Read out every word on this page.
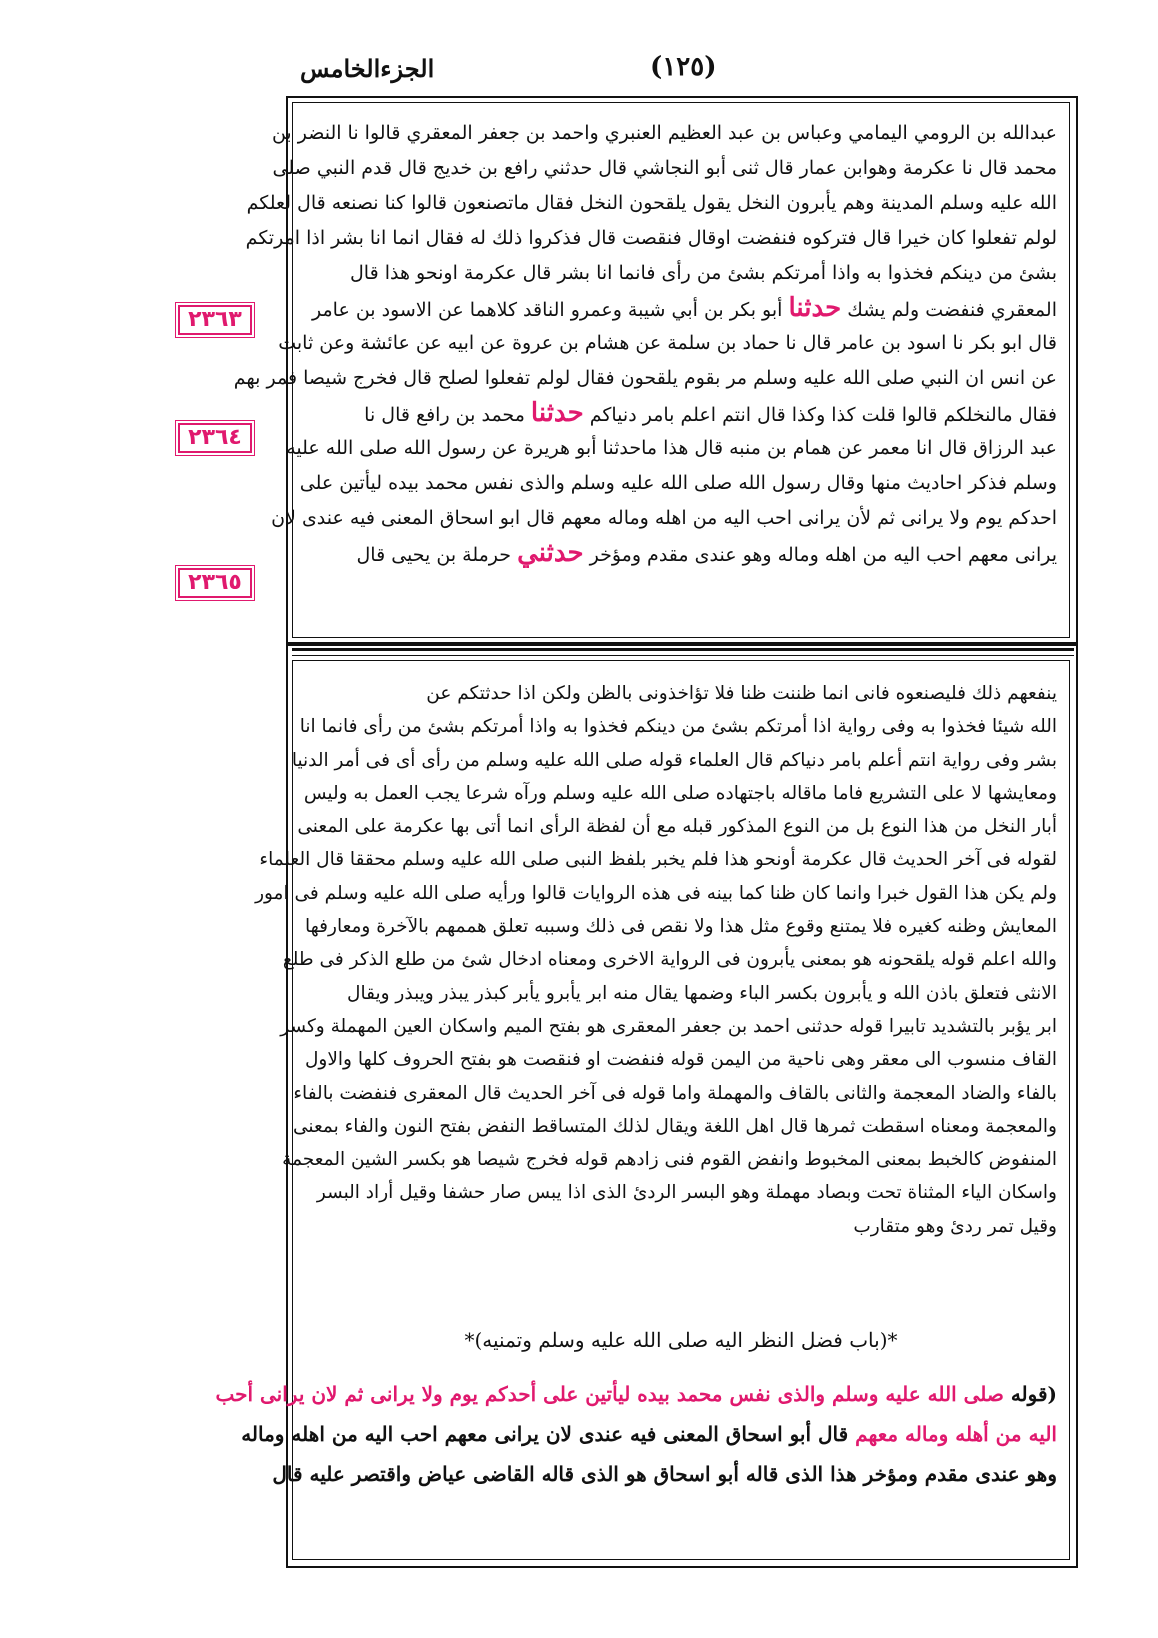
الجزءالخامس	(١٢٥)
٢٣٦٣
٢٣٦٤
٢٣٦٥
عبدالله بن الرومي اليمامي وعباس بن عبد العظيم العنبري واحمد بن جعفر المعقري قالوا نا النضر بن
محمد قال نا عكرمة وهوابن عمار قال ثنى أبو النجاشي قال حدثني رافع بن خديج قال قدم النبي صلى
الله عليه وسلم المدينة وهم يأبرون النخل يقول يلقحون النخل فقال ماتصنعون قالوا كنا نصنعه قال لعلكم
لولم تفعلوا كان خيرا قال فتركوه فنفضت اوقال فنقصت قال فذكروا ذلك له فقال انما انا بشر اذا امرتكم
بشئ من دينكم فخذوا به واذا أمرتكم بشئ من رأى فانما انا بشر قال عكرمة اونحو هذا قال
المعقري فنفضت ولم يشك حدثنا أبو بكر بن أبي شيبة وعمرو الناقد كلاهما عن الاسود بن عامر
قال ابو بكر نا اسود بن عامر قال نا حماد بن سلمة عن هشام بن عروة عن ابيه عن عائشة وعن ثابت
عن انس ان النبي صلى الله عليه وسلم مر بقوم يلقحون فقال لولم تفعلوا لصلح قال فخرج شيصا فمر بهم
فقال مالنخلكم قالوا قلت كذا وكذا قال انتم اعلم بامر دنياكم حدثنا محمد بن رافع قال نا
عبد الرزاق قال انا معمر عن همام بن منبه قال هذا ماحدثنا أبو هريرة عن رسول الله صلى الله عليه
وسلم فذكر احاديث منها وقال رسول الله صلى الله عليه وسلم والذى نفس محمد بيده ليأتين على
احدكم يوم ولا يرانى ثم لأن يرانى احب اليه من اهله وماله معهم قال ابو اسحاق المعنى فيه عندى لان
يرانى معهم احب اليه من اهله وماله وهو عندى مقدم ومؤخر حدثني حرملة بن يحيى قال
ينفعهم ذلك فليصنعوه فانى انما ظننت ظنا فلا تؤاخذونى بالظن ولكن اذا حدثتكم عن
الله شيئا فخذوا به وفى رواية اذا أمرتكم بشئ من دينكم فخذوا به واذا أمرتكم بشئ من رأى فانما انا
بشر وفى رواية انتم أعلم بامر دنياكم قال العلماء قوله صلى الله عليه وسلم من رأى أى فى أمر الدنيا
ومعايشها لا على التشريع فاما ماقاله باجتهاده صلى الله عليه وسلم ورآه شرعا يجب العمل به وليس
أبار النخل من هذا النوع بل من النوع المذكور قبله مع أن لفظة الرأى انما أتى بها عكرمة على المعنى
لقوله فى آخر الحديث قال عكرمة أونحو هذا فلم يخبر بلفظ النبى صلى الله عليه وسلم محققا قال العلماء
ولم يكن هذا القول خبرا وانما كان ظنا كما بينه فى هذه الروايات قالوا ورأيه صلى الله عليه وسلم فى امور
المعايش وظنه كغيره فلا يمتنع وقوع مثل هذا ولا نقص فى ذلك وسببه تعلق هممهم بالآخرة ومعارفها
والله اعلم قوله يلقحونه هو بمعنى يأبرون فى الرواية الاخرى ومعناه ادخال شئ من طلع الذكر فى طلع
الانثى فتعلق باذن الله و يأبرون بكسر الباء وضمها يقال منه ابر يأبرو يأبر كبذر يبذر ويبذر ويقال
ابر يؤبر بالتشديد تابيرا قوله حدثنى احمد بن جعفر المعقرى هو بفتح الميم واسكان العين المهملة وكسر
القاف منسوب الى معقر وهى ناحية من اليمن قوله فنفضت او فنقصت هو بفتح الحروف كلها والاول
بالفاء والضاد المعجمة والثانى بالقاف والمهملة واما قوله فى آخر الحديث قال المعقرى فنفضت بالفاء
والمعجمة ومعناه اسقطت ثمرها قال اهل اللغة ويقال لذلك المتساقط النفض بفتح النون والفاء بمعنى
المنفوض كالخبط بمعنى المخبوط وانفض القوم فنى زادهم قوله فخرج شيصا هو بكسر الشين المعجمة
واسكان الياء المثناة تحت وبصاد مهملة وهو البسر الردئ الذى اذا يبس صار حشفا وقيل أراد البسر
وقيل تمر ردئ وهو متقارب
*(باب فضل النظر اليه صلى الله عليه وسلم وتمنيه)*
(قوله صلى الله عليه وسلم والذى نفس محمد بيده ليأتين على أحدكم يوم ولا يرانى ثم لان يرانى أحب
اليه من أهله وماله معهم قال أبو اسحاق المعنى فيه عندى لان يرانى معهم احب اليه من اهله وماله
وهو عندى مقدم ومؤخر هذا الذى قاله أبو اسحاق هو الذى قاله القاضى عياض واقتصر عليه قال
